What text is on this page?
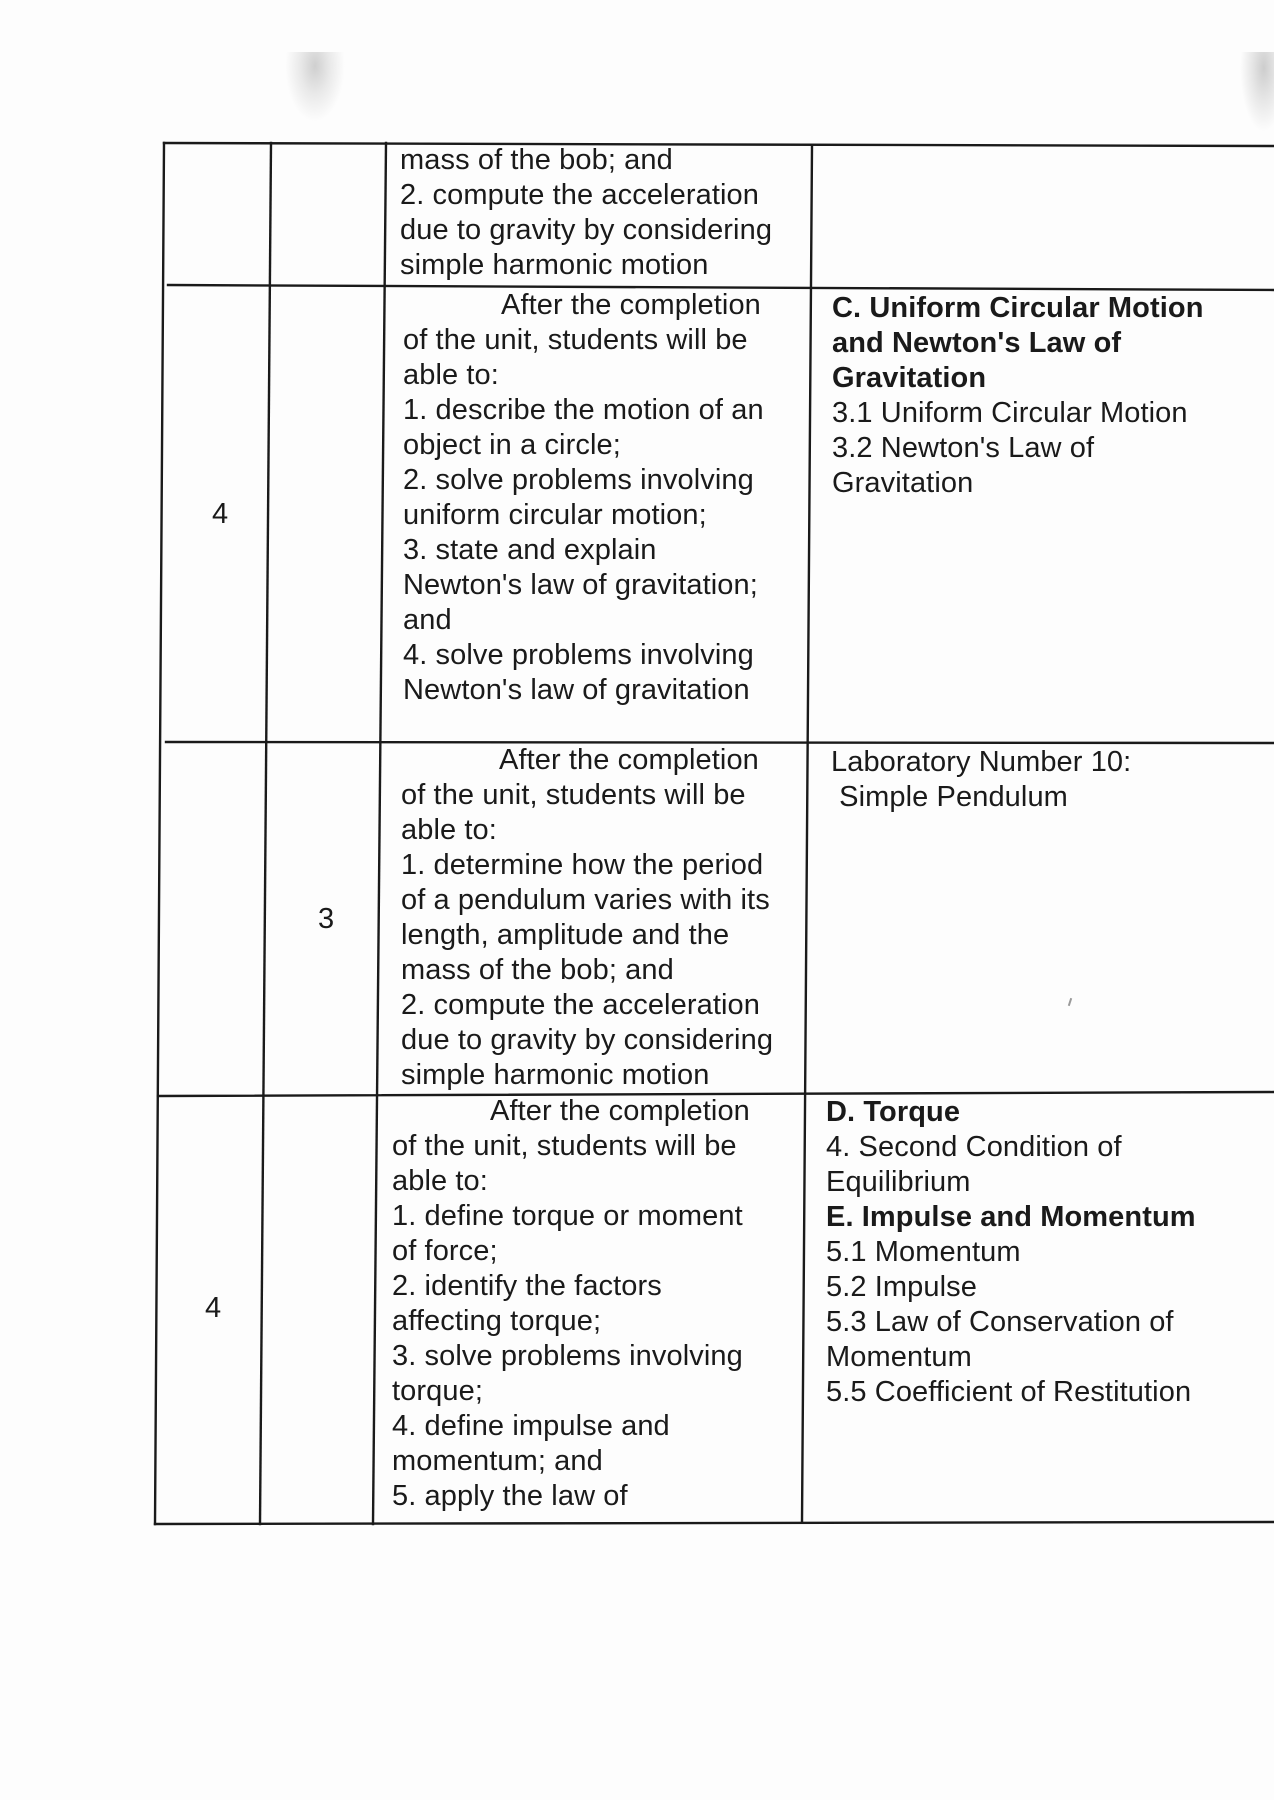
mass of the bob; and
2. compute the acceleration
due to gravity by considering
simple harmonic motion
4
After the completion
of the unit, students will be
able to:
1. describe the motion of an
object in a circle;
2. solve problems involving
uniform circular motion;
3. state and explain
Newton's law of gravitation;
and
4. solve problems involving
Newton's law of gravitation
C. Uniform Circular Motion
and Newton's Law of
Gravitation
3.1 Uniform Circular Motion
3.2 Newton's Law of
Gravitation
3
After the completion
of the unit, students will be
able to:
1. determine how the period
of a pendulum varies with its
length, amplitude and the
mass of the bob; and
2. compute the acceleration
due to gravity by considering
simple harmonic motion
Laboratory Number 10:
Simple Pendulum
4
After the completion
of the unit, students will be
able to:
1. define torque or moment
of force;
2. identify the factors
affecting torque;
3. solve problems involving
torque;
4. define impulse and
momentum; and
5. apply the law of
D. Torque
4. Second Condition of
Equilibrium
E. Impulse and Momentum
5.1 Momentum
5.2 Impulse
5.3 Law of Conservation of
Momentum
5.5 Coefficient of Restitution
